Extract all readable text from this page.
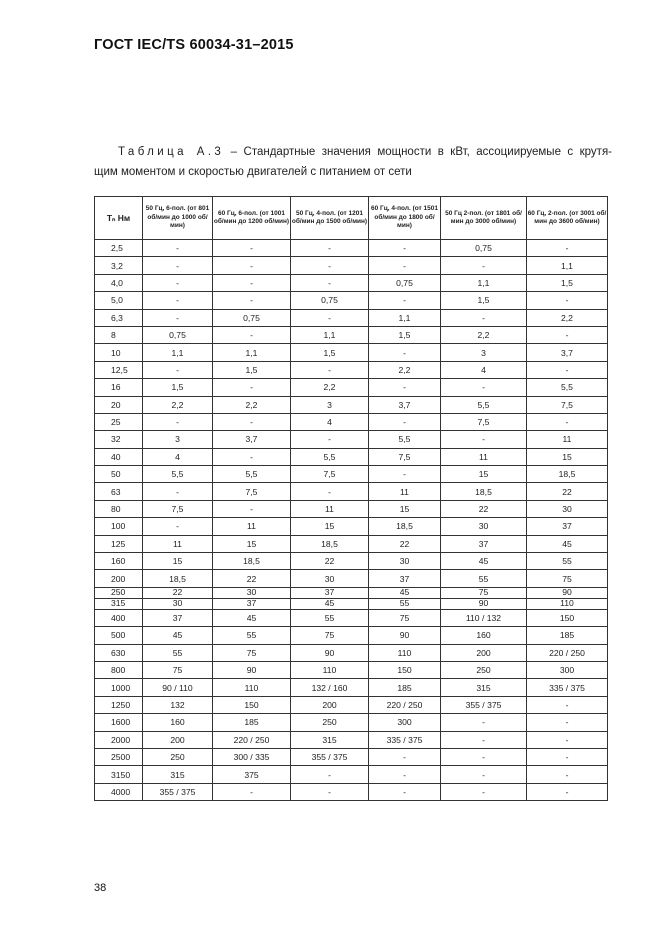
ГОСТ IEC/TS 60034-31–2015
Таблица А.3 – Стандартные значения мощности в кВт, ассоциируемые с крутя-
щим моментом и скоростью двигателей с питанием от сети
Tₙ Нм	50 Гц, 6-пол. (от 801 об/мин до 1000 об/мин)	60 Гц, 6-пол. (от 1001 об/мин до 1200 об/мин)	50 Гц, 4-пол. (от 1201 об/мин до 1500 об/мин)	60 Гц, 4-пол. (от 1501 об/мин до 1800 об/мин)	50 Гц 2-пол. (от 1801 об/мин до 3000 об/мин)	60 Гц, 2-пол. (от 3001 об/мин до 3600 об/мин)
2,5	-	-	-	-	0,75	-
3,2	-	-	-	-	-	1,1
4,0	-	-	-	0,75	1,1	1,5
5,0	-	-	0,75	-	1,5	-
6,3	-	0,75	-	1,1	-	2,2
8	0,75	-	1,1	1,5	2,2	-
10	1,1	1,1	1,5	-	3	3,7
12,5	-	1,5	-	2,2	4	-
16	1,5	-	2,2	-	-	5,5
20	2,2	2,2	3	3,7	5,5	7,5
25	-	-	4	-	7,5	-
32	3	3,7	-	5,5	-	11
40	4	-	5,5	7,5	11	15
50	5,5	5,5	7,5	-	15	18,5
63	-	7,5	-	11	18,5	22
80	7,5	-	11	15	22	30
100	-	11	15	18,5	30	37
125	11	15	18,5	22	37	45
160	15	18,5	22	30	45	55
200	18,5	22	30	37	55	75
250	22	30	37	45	75	90
315	30	37	45	55	90	110
400	37	45	55	75	110 / 132	150
500	45	55	75	90	160	185
630	55	75	90	110	200	220 / 250
800	75	90	110	150	250	300
1000	90 / 110	110	132 / 160	185	315	335 / 375
1250	132	150	200	220 / 250	355 / 375	-
1600	160	185	250	300	-	-
2000	200	220 / 250	315	335 / 375	-	-
2500	250	300 / 335	355 / 375	-	-	-
3150	315	375	-	-	-	-
4000	355 / 375	-	-	-	-	-
38
